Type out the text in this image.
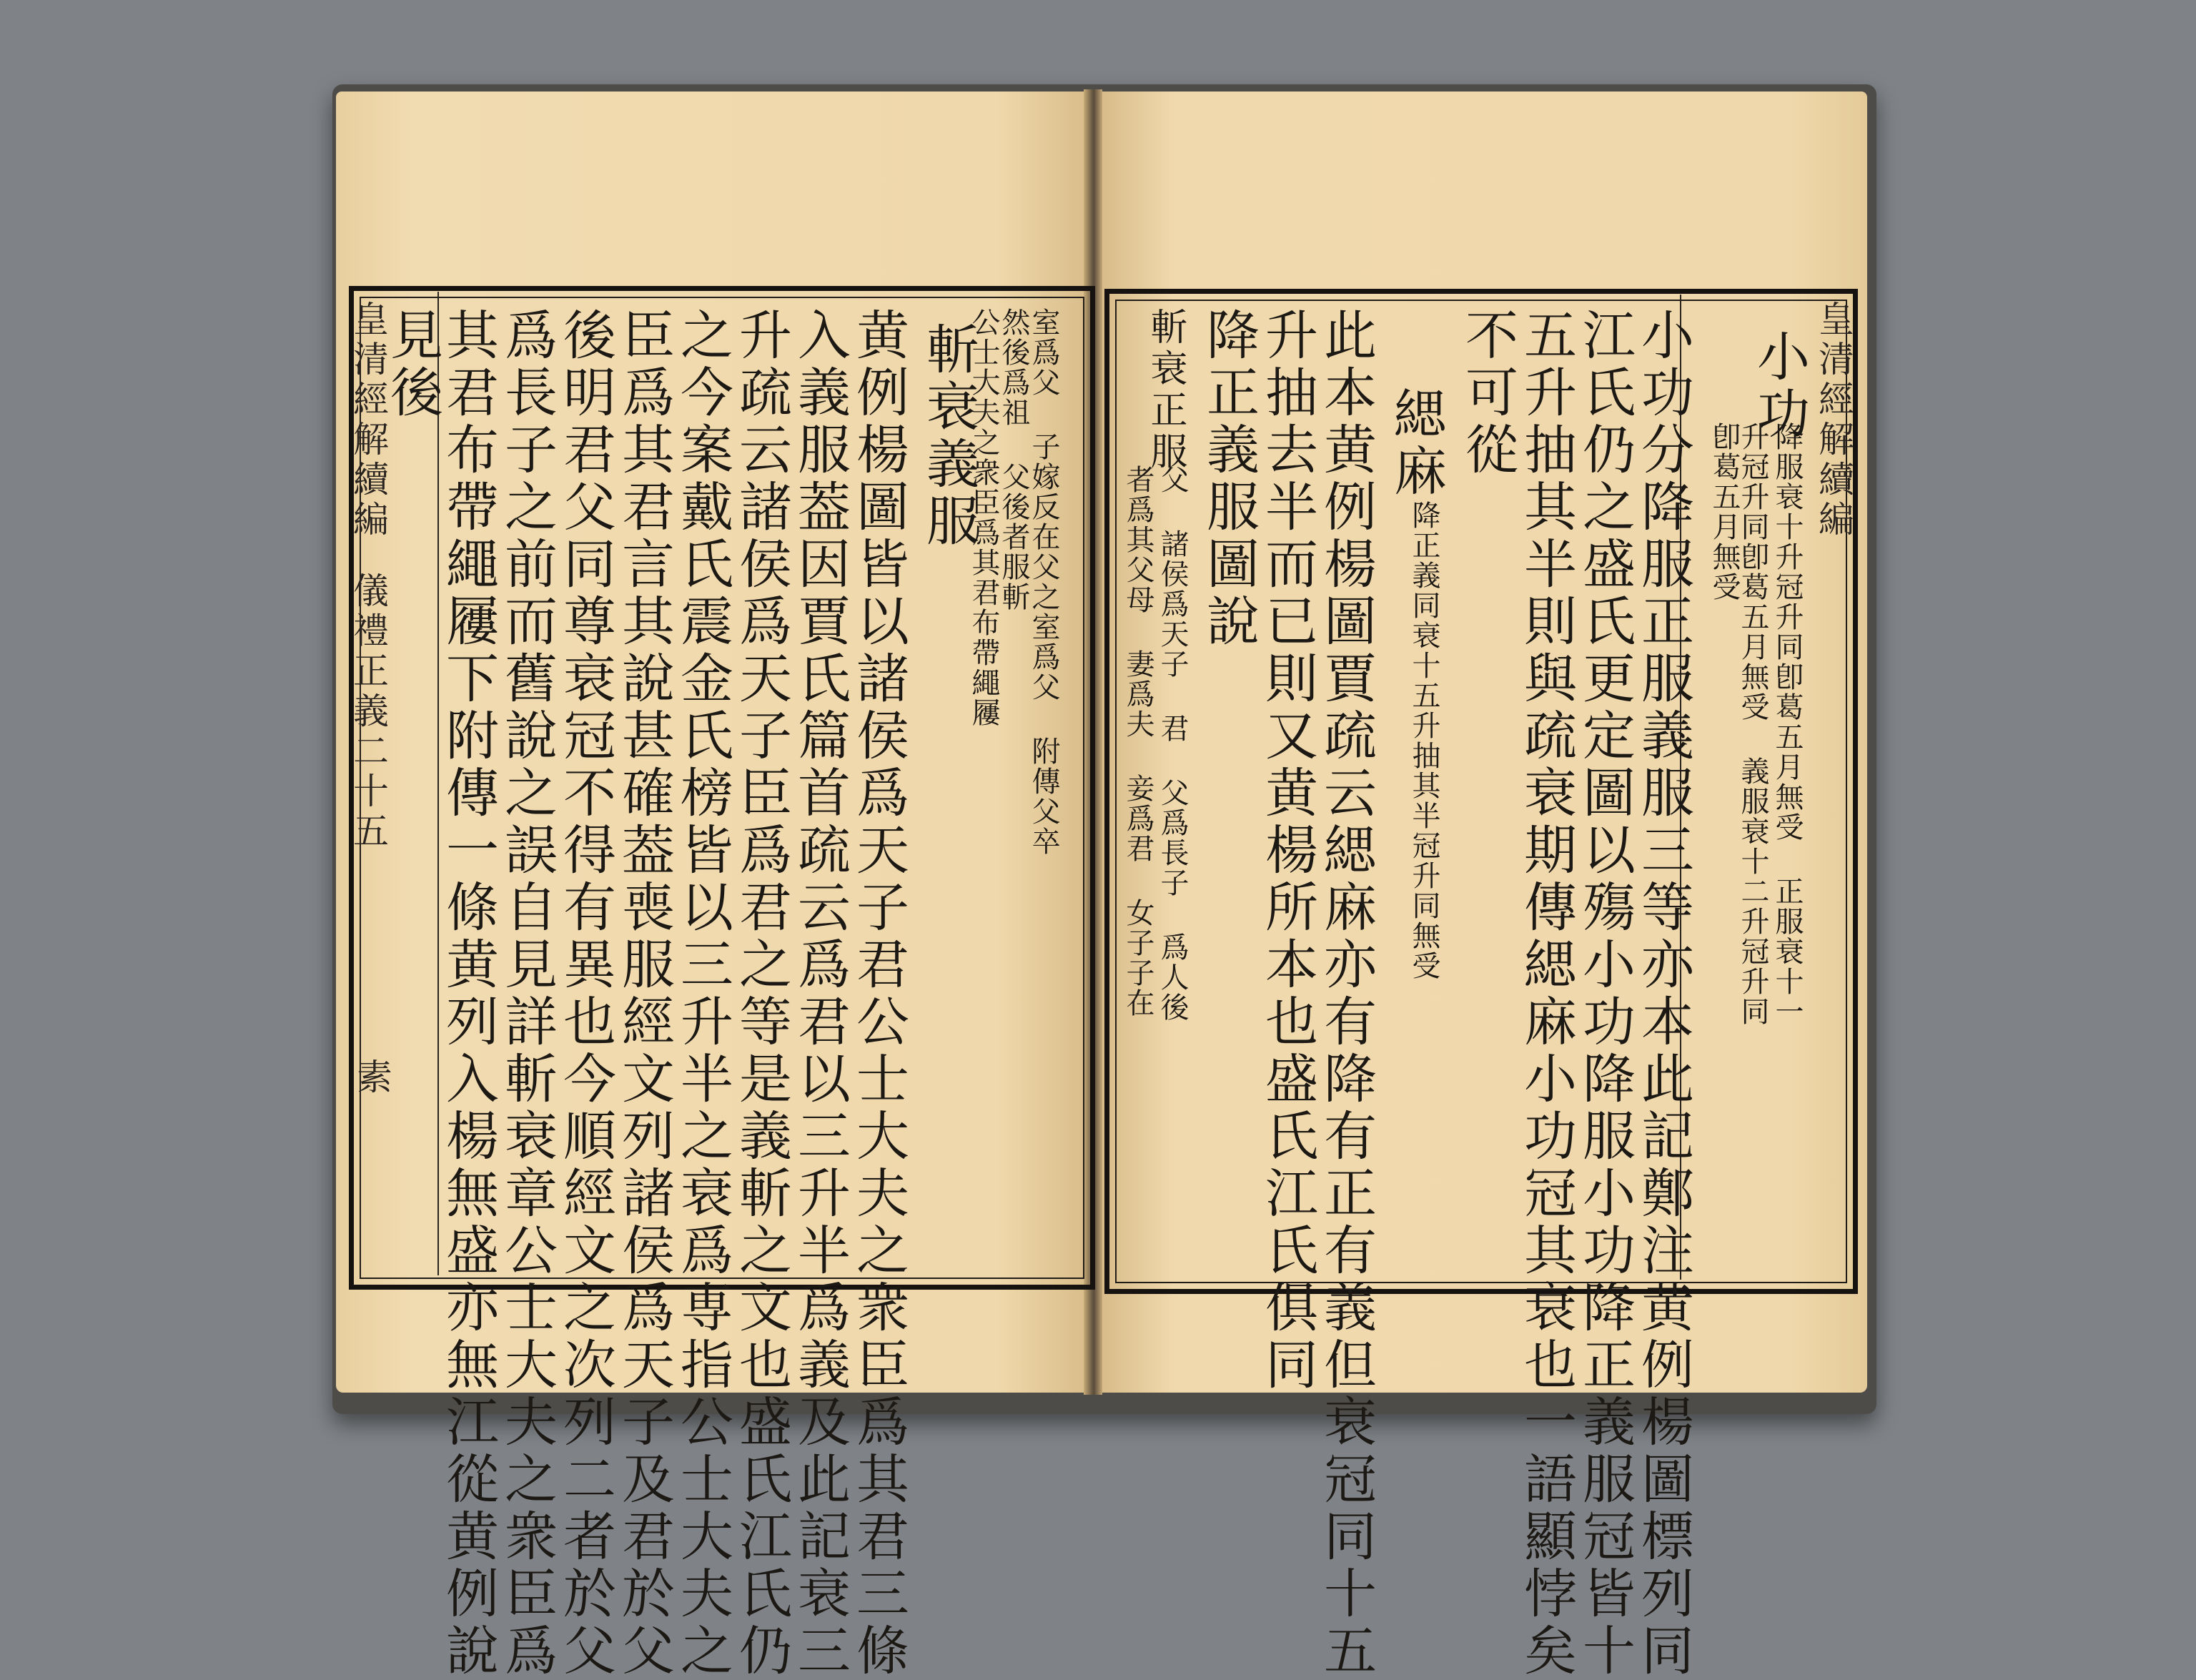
皇清經解續編
儀禮正義二十五
素
見後
其君布帶繩屨下附傳一條黄列入楊無盛亦無江從黄例說
爲長子之前而舊說之誤自見詳斬衰章公士大夫之衆臣爲
後明君父同尊衰冠不得有異也今順經文之次列二者於父
臣爲其君言其說甚確葢喪服經文列諸侯爲天子及君於父
之今案戴氏震金氏榜皆以三升半之衰爲専指公士大夫之
升疏云諸侯爲天子臣爲君之等是義斬之文也盛氏江氏仍
入義服葢因賈氏篇首疏云爲君以三升半爲義及此記衰三
黄例楊圖皆以諸侯爲天子君公士大夫之衆臣爲其君三條 斬衰義服 室爲父 子嫁反在父之室爲父 附傳父卒
然後爲祖 父後者服斬
公士大夫之衆臣爲其君布帶繩屨	皇清經解續編
小功
降服衰十升冠升同卽葛五月無受 正服衰十一
升冠升同卽葛五月無受 義服衰十二升冠升同
卽葛五月無受
小功分降服正服義服三等亦本此記鄭注黄例楊圖標列同
江氏仍之盛氏更定圖以殤小功降服小功降正義服冠皆十
五升抽其半則與疏衰期傳緦麻小功冠其衰也一語顯悖矣
不可從
緦麻
降正義同衰十五升抽其半冠升同無受
此本黄例楊圖賈疏云緦麻亦有降有正有義但衰冠同十五
升抽去半而已則又黄楊所本也盛氏江氏俱同
降正義服圖說
斬衰正服
父 諸侯爲天子 君 父爲長子 爲人後
者爲其父母 妻爲夫 妾爲君 女子子在
